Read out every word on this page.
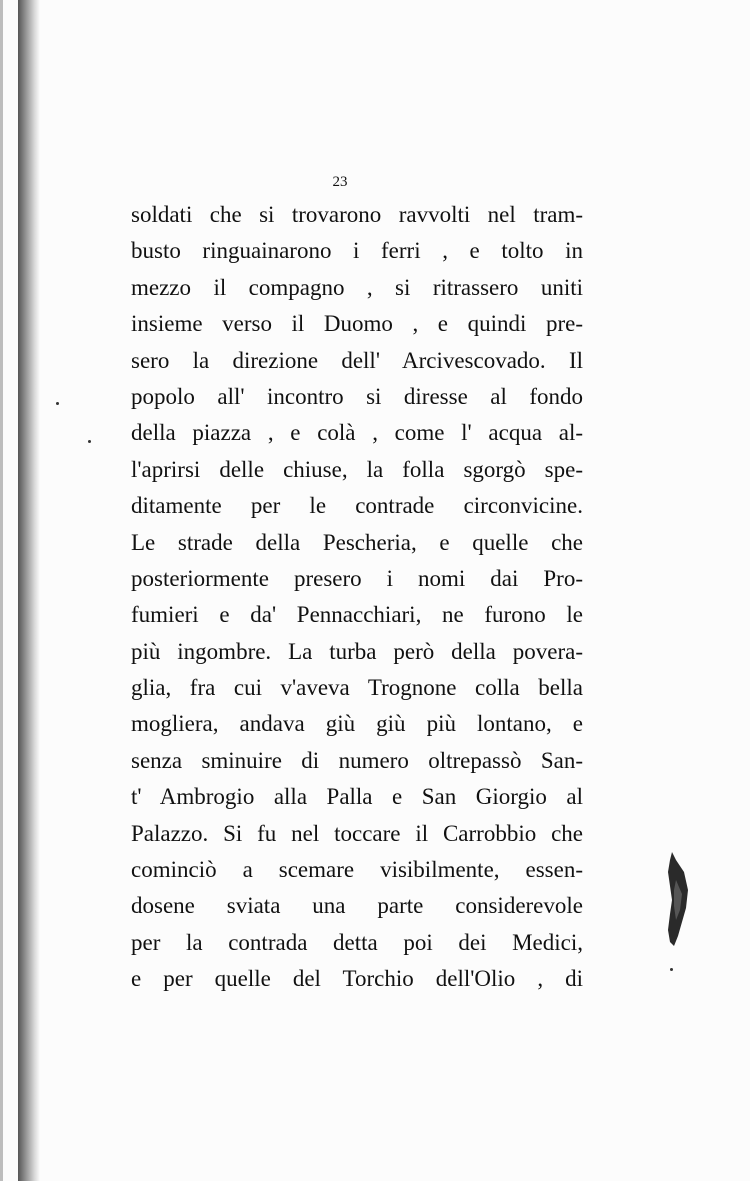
23
soldati che si trovarono ravvolti nel tram-
busto ringuainarono i ferri , e tolto in
mezzo il compagno , si ritrassero uniti
insieme verso il Duomo , e quindi pre-
sero la direzione dell' Arcivescovado. Il
popolo all' incontro si diresse al fondo
della piazza , e colà , come l' acqua al-
l'aprirsi delle chiuse, la folla sgorgò spe-
ditamente per le contrade circonvicine.
Le strade della Pescheria, e quelle che
posteriormente presero i nomi dai Pro-
fumieri e da' Pennacchiari, ne furono le
più ingombre. La turba però della povera-
glia, fra cui v'aveva Trognone colla bella
mogliera, andava giù giù più lontano, e
senza sminuire di numero oltrepassò San-
t' Ambrogio alla Palla e San Giorgio al
Palazzo. Si fu nel toccare il Carrobbio che
cominciò a scemare visibilmente, essen-
dosene sviata una parte considerevole
per la contrada detta poi dei Medici,
e per quelle del Torchio dell'Olio , di
